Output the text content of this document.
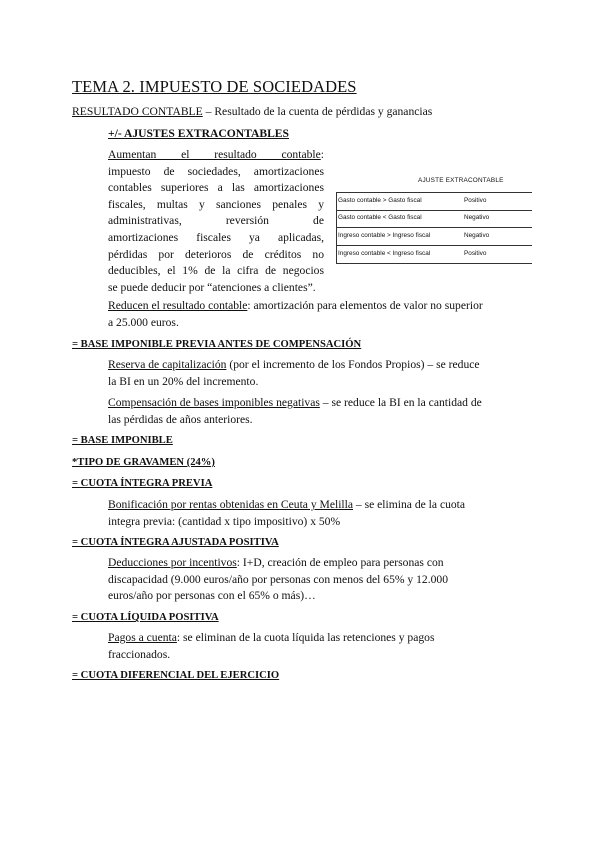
TEMA 2. IMPUESTO DE SOCIEDADES
RESULTADO CONTABLE – Resultado de la cuenta de pérdidas y ganancias
+/- AJUSTES EXTRACONTABLES
Aumentan el resultado contable:
impuesto de sociedades, amortizaciones
contables superiores a las amortizaciones
fiscales, multas y sanciones penales y
administrativas, reversión de
amortizaciones fiscales ya aplicadas,
pérdidas por deterioros de créditos no
deducibles, el 1% de la cifra de negocios
se puede deducir por “atenciones a clientes”.
AJUSTE EXTRACONTABLE
Gasto contable > Gasto fiscal	Positivo
Gasto contable < Gasto fiscal	Negativo
Ingreso contable > Ingreso fiscal	Negativo
Ingreso contable < Ingreso fiscal	Positivo
Reducen el resultado contable: amortización para elementos de valor no superior
a 25.000 euros.
= BASE IMPONIBLE PREVIA ANTES DE COMPENSACIÓN
Reserva de capitalización (por el incremento de los Fondos Propios) – se reduce
la BI en un 20% del incremento.
Compensación de bases imponibles negativas – se reduce la BI en la cantidad de
las pérdidas de años anteriores.
= BASE IMPONIBLE
*TIPO DE GRAVAMEN (24%)
= CUOTA ÍNTEGRA PREVIA
Bonificación por rentas obtenidas en Ceuta y Melilla – se elimina de la cuota
integra previa: (cantidad x tipo impositivo) x 50%
= CUOTA ÍNTEGRA AJUSTADA POSITIVA
Deducciones por incentivos: I+D, creación de empleo para personas con
discapacidad (9.000 euros/año por personas con menos del 65% y 12.000
euros/año por personas con el 65% o más)…
= CUOTA LÍQUIDA POSITIVA
Pagos a cuenta: se eliminan de la cuota líquida las retenciones y pagos
fraccionados.
= CUOTA DIFERENCIAL DEL EJERCICIO
